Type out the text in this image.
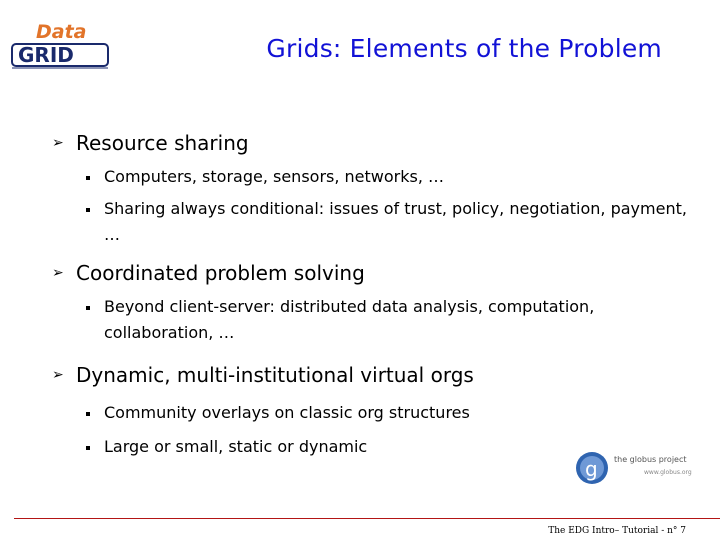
Data
GRID	Grids: Elements of the Problem
➢ Resource sharing
Computers, storage, sensors, networks, …
Sharing always conditional: issues of trust, policy, negotiation, payment, …
➢ Coordinated problem solving
Beyond client-server: distributed data analysis, computation, collaboration, …
➢ Dynamic, multi-institutional virtual orgs
Community overlays on classic org structures
Large or small, static or dynamic
g the globus project
www.globus.org
The EDG Intro– Tutorial - n° 7
